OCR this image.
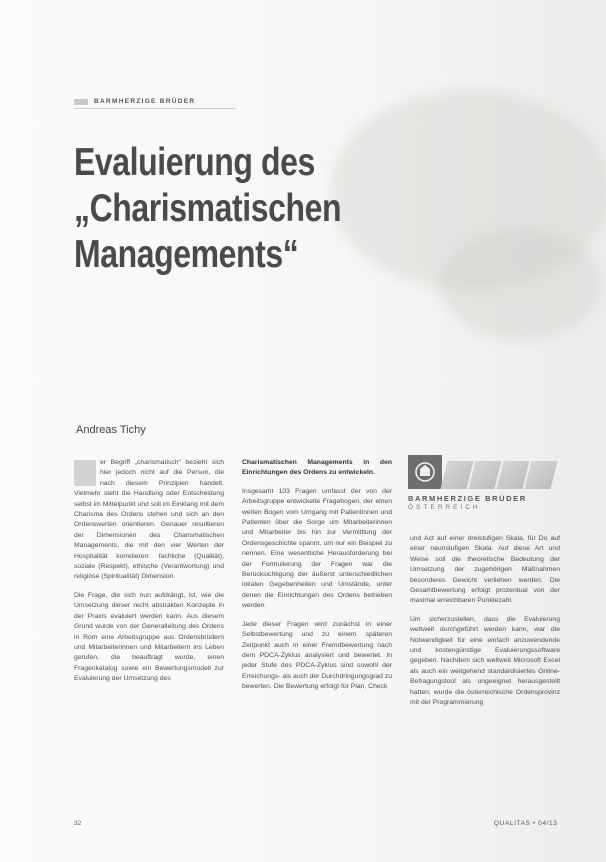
BARMHERZIGE BRÜDER
Evaluierung des
„Charismatischen
Managements“
Andreas Tichy

er Begriff „charismatisch“ bezieht sich hier jedoch nicht auf die Person, die nach diesem Prinzipien handelt. Vielmehr steht die Handlung oder Entscheidung selbst im Mittelpunkt und soll im Einklang mit dem Charisma des Ordens stehen und sich an den Ordenswerten orientieren. Genauer resultieren der Dimensionen des Charismatischen Managements, die mit den vier Werten der Hospitalität korrelieren: fachliche (Qualität), soziale (Respekt), ethische (Verantwortung) und religiöse (Spiritualität) Dimension.

Die Frage, die sich nun aufdrängt, ist, wie die Umsetzung dieser recht abstrakten Konzepte in der Praxis evaluiert werden kann. Aus diesem Grund wurde von der Generalleitung des Ordens in Rom eine Arbeitsgruppe aus Ordensbrüdern und Mitarbeiterinnen und Mitarbeitern ins Leben gerufen, die beauftragt wurde, einen Fragenkatalog sowie ein Bewertungsmodell zur Evaluierung der Umsetzung des

Charismatischen Managements in den Einrichtungen des Ordens zu entwickeln.

Insgesamt 103 Fragen umfasst der von der Arbeitsgruppe entwickelte Fragebogen, der einen weiten Bogen vom Umgang mit Patientinnen und Patienten über die Sorge um Mitarbeiterinnen und Mitarbeiter bis hin zur Vermittlung der Ordensgeschichte spannt, um nur ein Beispiel zu nennen. Eine wesentliche Herausforderung bei der Formulierung der Fragen war die Berücksichtigung der äußerst unterschiedlichen lokalen Gegebenheiten und Umstände, unter denen die Einrichtungen des Ordens betrieben werden.

Jede dieser Fragen wird zunächst in einer Selbstbewertung und zu einem späteren Zeitpunkt auch in einer Fremdbewertung nach dem PDCA-Zyklus analysiert und bewertet. In jeder Stufe des PDCA-Zyklus sind sowohl der Erreichungs- als auch der Durchdringungsgrad zu bewerten. Die Bewertung erfolgt für Plan, Check

BARMHERZIGE BRÜDER
ÖSTERREICH

und Act auf einer dreistufigen Skala, für Do auf einer neunstufigen Skala. Auf diese Art und Weise soll die theoretische Bedeutung der Umsetzung der zugehörigen Maßnahmen besonderes Gewicht verliehen werden. Die Gesamtbewertung erfolgt prozentual von der maximal erreichbaren Punktezahl.

Um sicherzustellen, dass die Evaluierung weltweit durchgeführt werden kann, war die Notwendigkeit für eine einfach anzuwendende und kostengünstige Evaluierungssoftware gegeben. Nachdem sich weltweit Microsoft Excel als auch ein weitgehend standardisiertes Online-Befragungstool als ungeeignet herausgestellt hatten, wurde die österreichische Ordensprovinz mit der Programmierung

32	QUALITAS • 04/13
